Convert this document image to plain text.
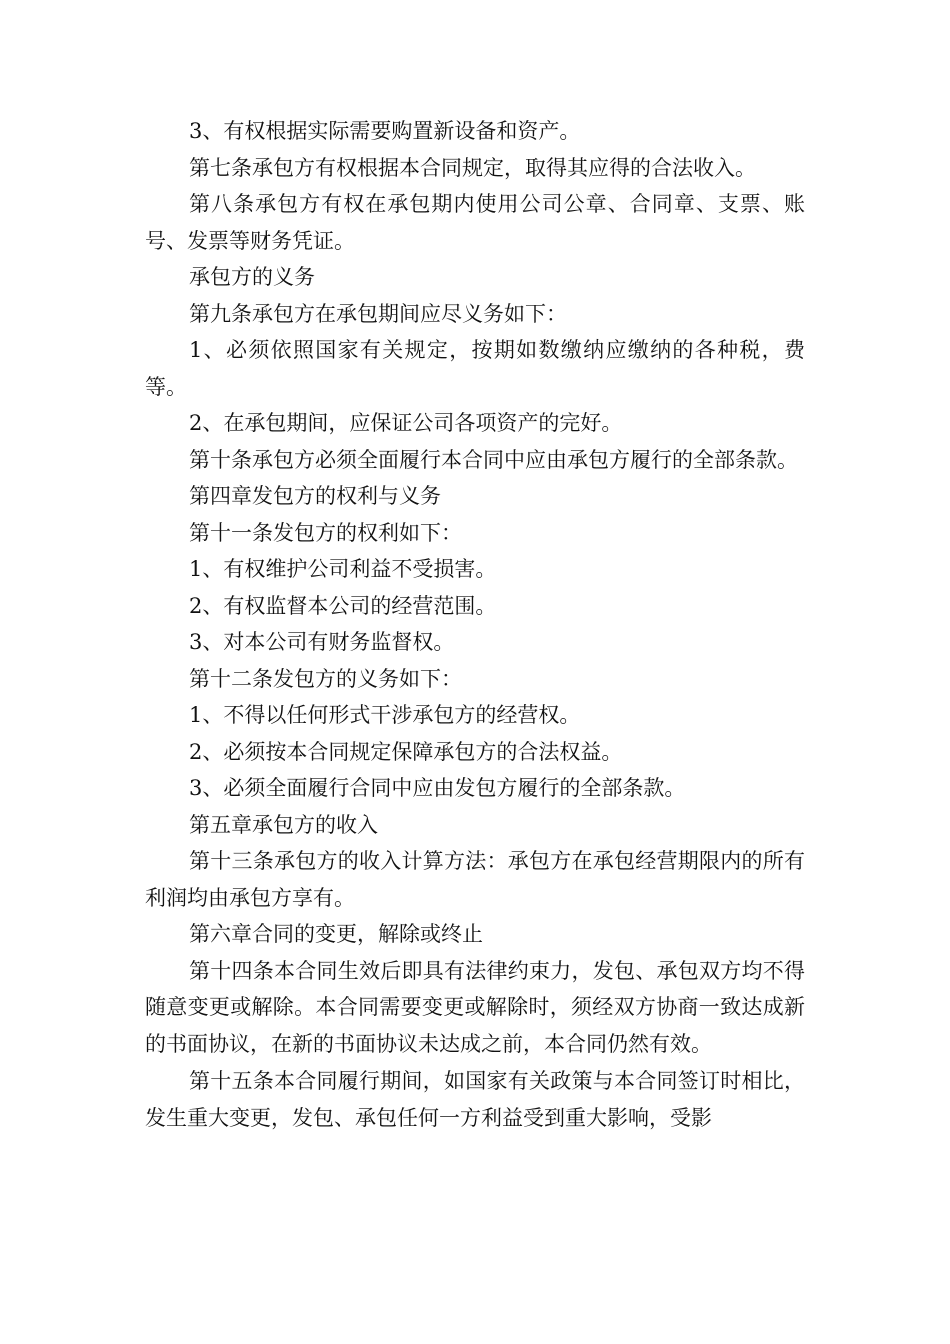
3、有权根据实际需要购置新设备和资产。

第七条承包方有权根据本合同规定，取得其应得的合法收入。

第八条承包方有权在承包期内使用公司公章、合同章、支票、账号、发票等财务凭证。

承包方的义务

第九条承包方在承包期间应尽义务如下：

1、必须依照国家有关规定，按期如数缴纳应缴纳的各种税，费等。

2、在承包期间，应保证公司各项资产的完好。

第十条承包方必须全面履行本合同中应由承包方履行的全部条款。

第四章发包方的权利与义务

第十一条发包方的权利如下：

1、有权维护公司利益不受损害。

2、有权监督本公司的经营范围。

3、对本公司有财务监督权。

第十二条发包方的义务如下：

1、不得以任何形式干涉承包方的经营权。

2、必须按本合同规定保障承包方的合法权益。

3、必须全面履行合同中应由发包方履行的全部条款。

第五章承包方的收入

第十三条承包方的收入计算方法：承包方在承包经营期限内的所有利润均由承包方享有。

第六章合同的变更，解除或终止

第十四条本合同生效后即具有法律约束力，发包、承包双方均不得随意变更或解除。本合同需要变更或解除时，须经双方协商一致达成新的书面协议，在新的书面协议未达成之前，本合同仍然有效。

第十五条本合同履行期间，如国家有关政策与本合同签订时相比，发生重大变更，发包、承包任何一方利益受到重大影响，受影
